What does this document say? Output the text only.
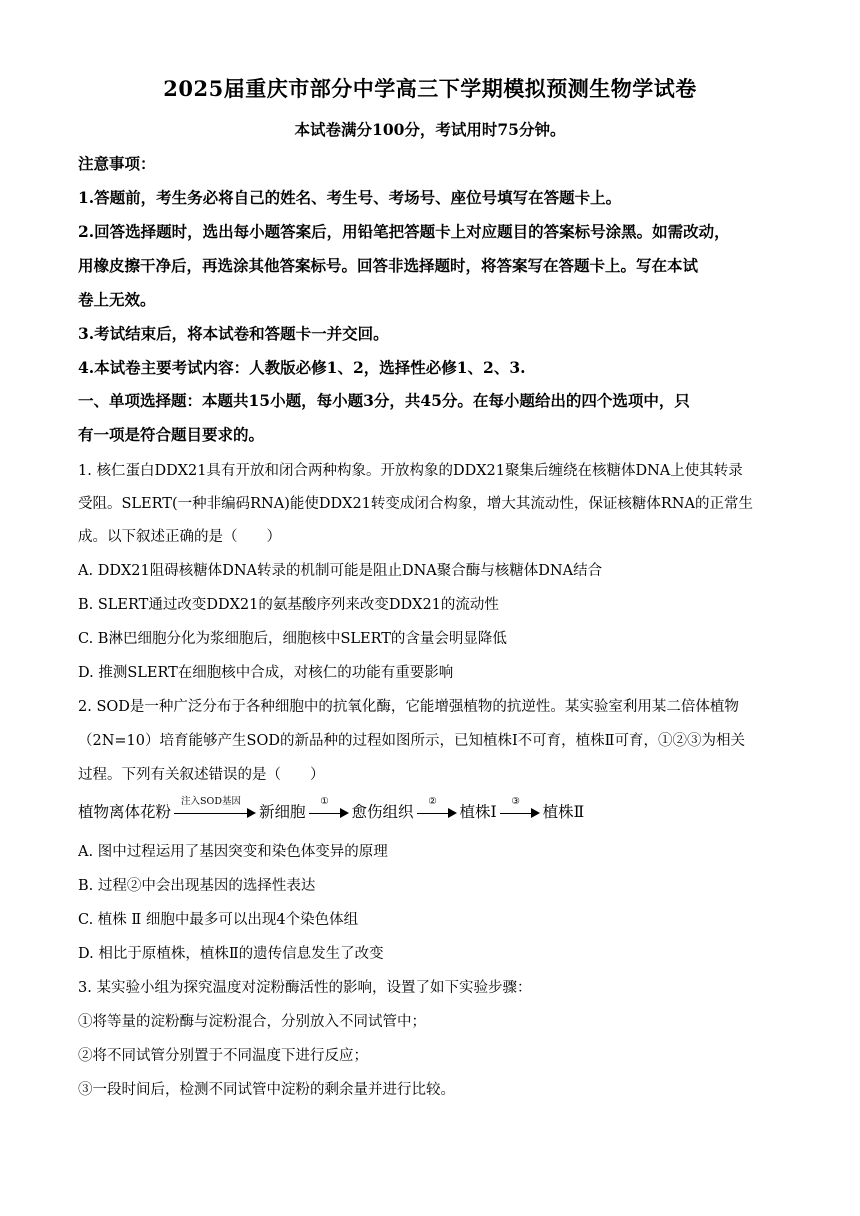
2025届重庆市部分中学高三下学期模拟预测生物学试卷
本试卷满分100分，考试用时75分钟。
注意事项：
1.答题前，考生务必将自己的姓名、考生号、考场号、座位号填写在答题卡上。
2.回答选择题时，选出每小题答案后，用铅笔把答题卡上对应题目的答案标号涂黑。如需改动，
用橡皮擦干净后，再选涂其他答案标号。回答非选择题时，将答案写在答题卡上。写在本试
卷上无效。
3.考试结束后，将本试卷和答题卡一并交回。
4.本试卷主要考试内容：人教版必修1、2，选择性必修1、2、3.
一、单项选择题：本题共15小题，每小题3分，共45分。在每小题给出的四个选项中，只
有一项是符合题目要求的。
1. 核仁蛋白DDX21具有开放和闭合两种构象。开放构象的DDX21聚集后缠绕在核糖体DNA上使其转录
受阻。SLERT(一种非编码RNA)能使DDX21转变成闭合构象，增大其流动性，保证核糖体RNA的正常生
成。以下叙述正确的是（　　）
A. DDX21阻碍核糖体DNA转录的机制可能是阻止DNA聚合酶与核糖体DNA结合
B. SLERT通过改变DDX21的氨基酸序列来改变DDX21的流动性
C. B淋巴细胞分化为浆细胞后，细胞核中SLERT的含量会明显降低
D. 推测SLERT在细胞核中合成，对核仁的功能有重要影响
2. SOD是一种广泛分布于各种细胞中的抗氧化酶，它能增强植物的抗逆性。某实验室利用某二倍体植物
（2N=10）培育能够产生SOD的新品种的过程如图所示，已知植株Ⅰ不可育，植株Ⅱ可育，①②③为相关
过程。下列有关叙述错误的是（　　）
植物离体花粉
注入SOD基因
新细胞
①
愈伤组织
②
植株Ⅰ
③
植株Ⅱ
A. 图中过程运用了基因突变和染色体变异的原理
B. 过程②中会出现基因的选择性表达
C. 植株 Ⅱ 细胞中最多可以出现4个染色体组
D. 相比于原植株，植株Ⅱ的遗传信息发生了改变
3. 某实验小组为探究温度对淀粉酶活性的影响，设置了如下实验步骤：
①将等量的淀粉酶与淀粉混合，分别放入不同试管中；
②将不同试管分别置于不同温度下进行反应；
③一段时间后，检测不同试管中淀粉的剩余量并进行比较。
